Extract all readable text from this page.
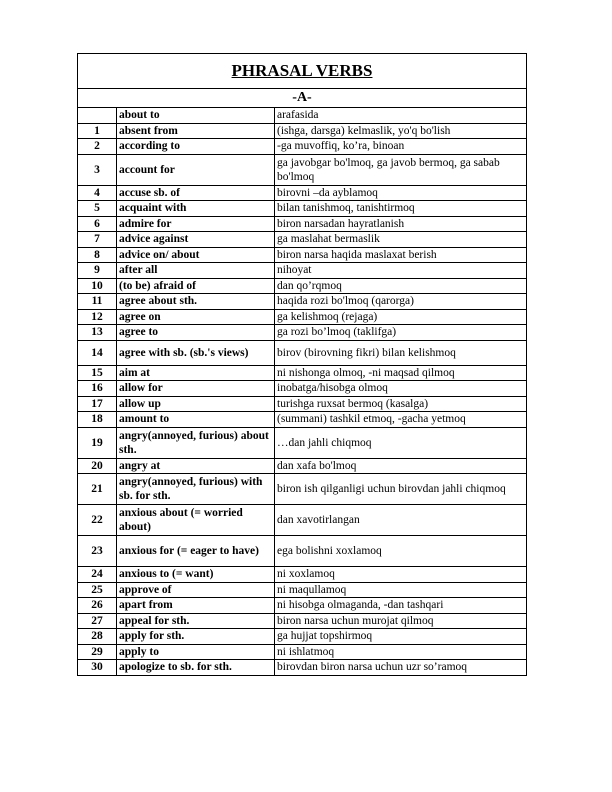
PHRASAL VERBS		
-A-		
	about to	arafasida
1	absent from	(ishga, darsga) kelmaslik, yo'q bo'lish
2	according to	-ga muvoffiq, ko’ra, binoan
3	account for	ga javobgar bo'lmoq, ga javob bermoq, ga sabab bo'lmoq
4	accuse sb. of	birovni –da ayblamoq
5	acquaint with	bilan tanishmoq, tanishtirmoq
6	admire for	biron narsadan hayratlanish
7	advice against	ga maslahat bermaslik
8	advice on/ about	biron narsa haqida maslaxat berish
9	after all	nihoyat
10	(to be) afraid of	dan qo’rqmoq
11	agree about sth.	haqida rozi bo'lmoq (qarorga)
12	agree on	ga kelishmoq (rejaga)
13	agree to	ga rozi bo’lmoq (taklifga)
14	agree with sb. (sb.'s views)	birov (birovning fikri) bilan kelishmoq
15	aim at	ni nishonga olmoq, -ni maqsad qilmoq
16	allow for	inobatga/hisobga olmoq
17	allow up	turishga ruxsat bermoq (kasalga)
18	amount to	(summani) tashkil etmoq, -gacha yetmoq
19	angry(annoyed, furious) about sth.	…dan jahli chiqmoq
20	angry at	dan xafa bo'lmoq
21	angry(annoyed, furious) with sb. for sth.	biron ish qilganligi uchun birovdan jahli chiqmoq
22	anxious about (= worried about)	dan xavotirlangan
23	anxious for (= eager to have)	ega bolishni xoxlamoq
24	anxious to (= want)	ni xoxlamoq
25	approve of	ni maqullamoq
26	apart from	ni hisobga olmaganda, -dan tashqari
27	appeal for sth.	biron narsa uchun murojat qilmoq
28	apply for sth.	ga hujjat topshirmoq
29	apply to	ni ishlatmoq
30	apologize to sb. for sth.	birovdan biron narsa uchun uzr so’ramoq
